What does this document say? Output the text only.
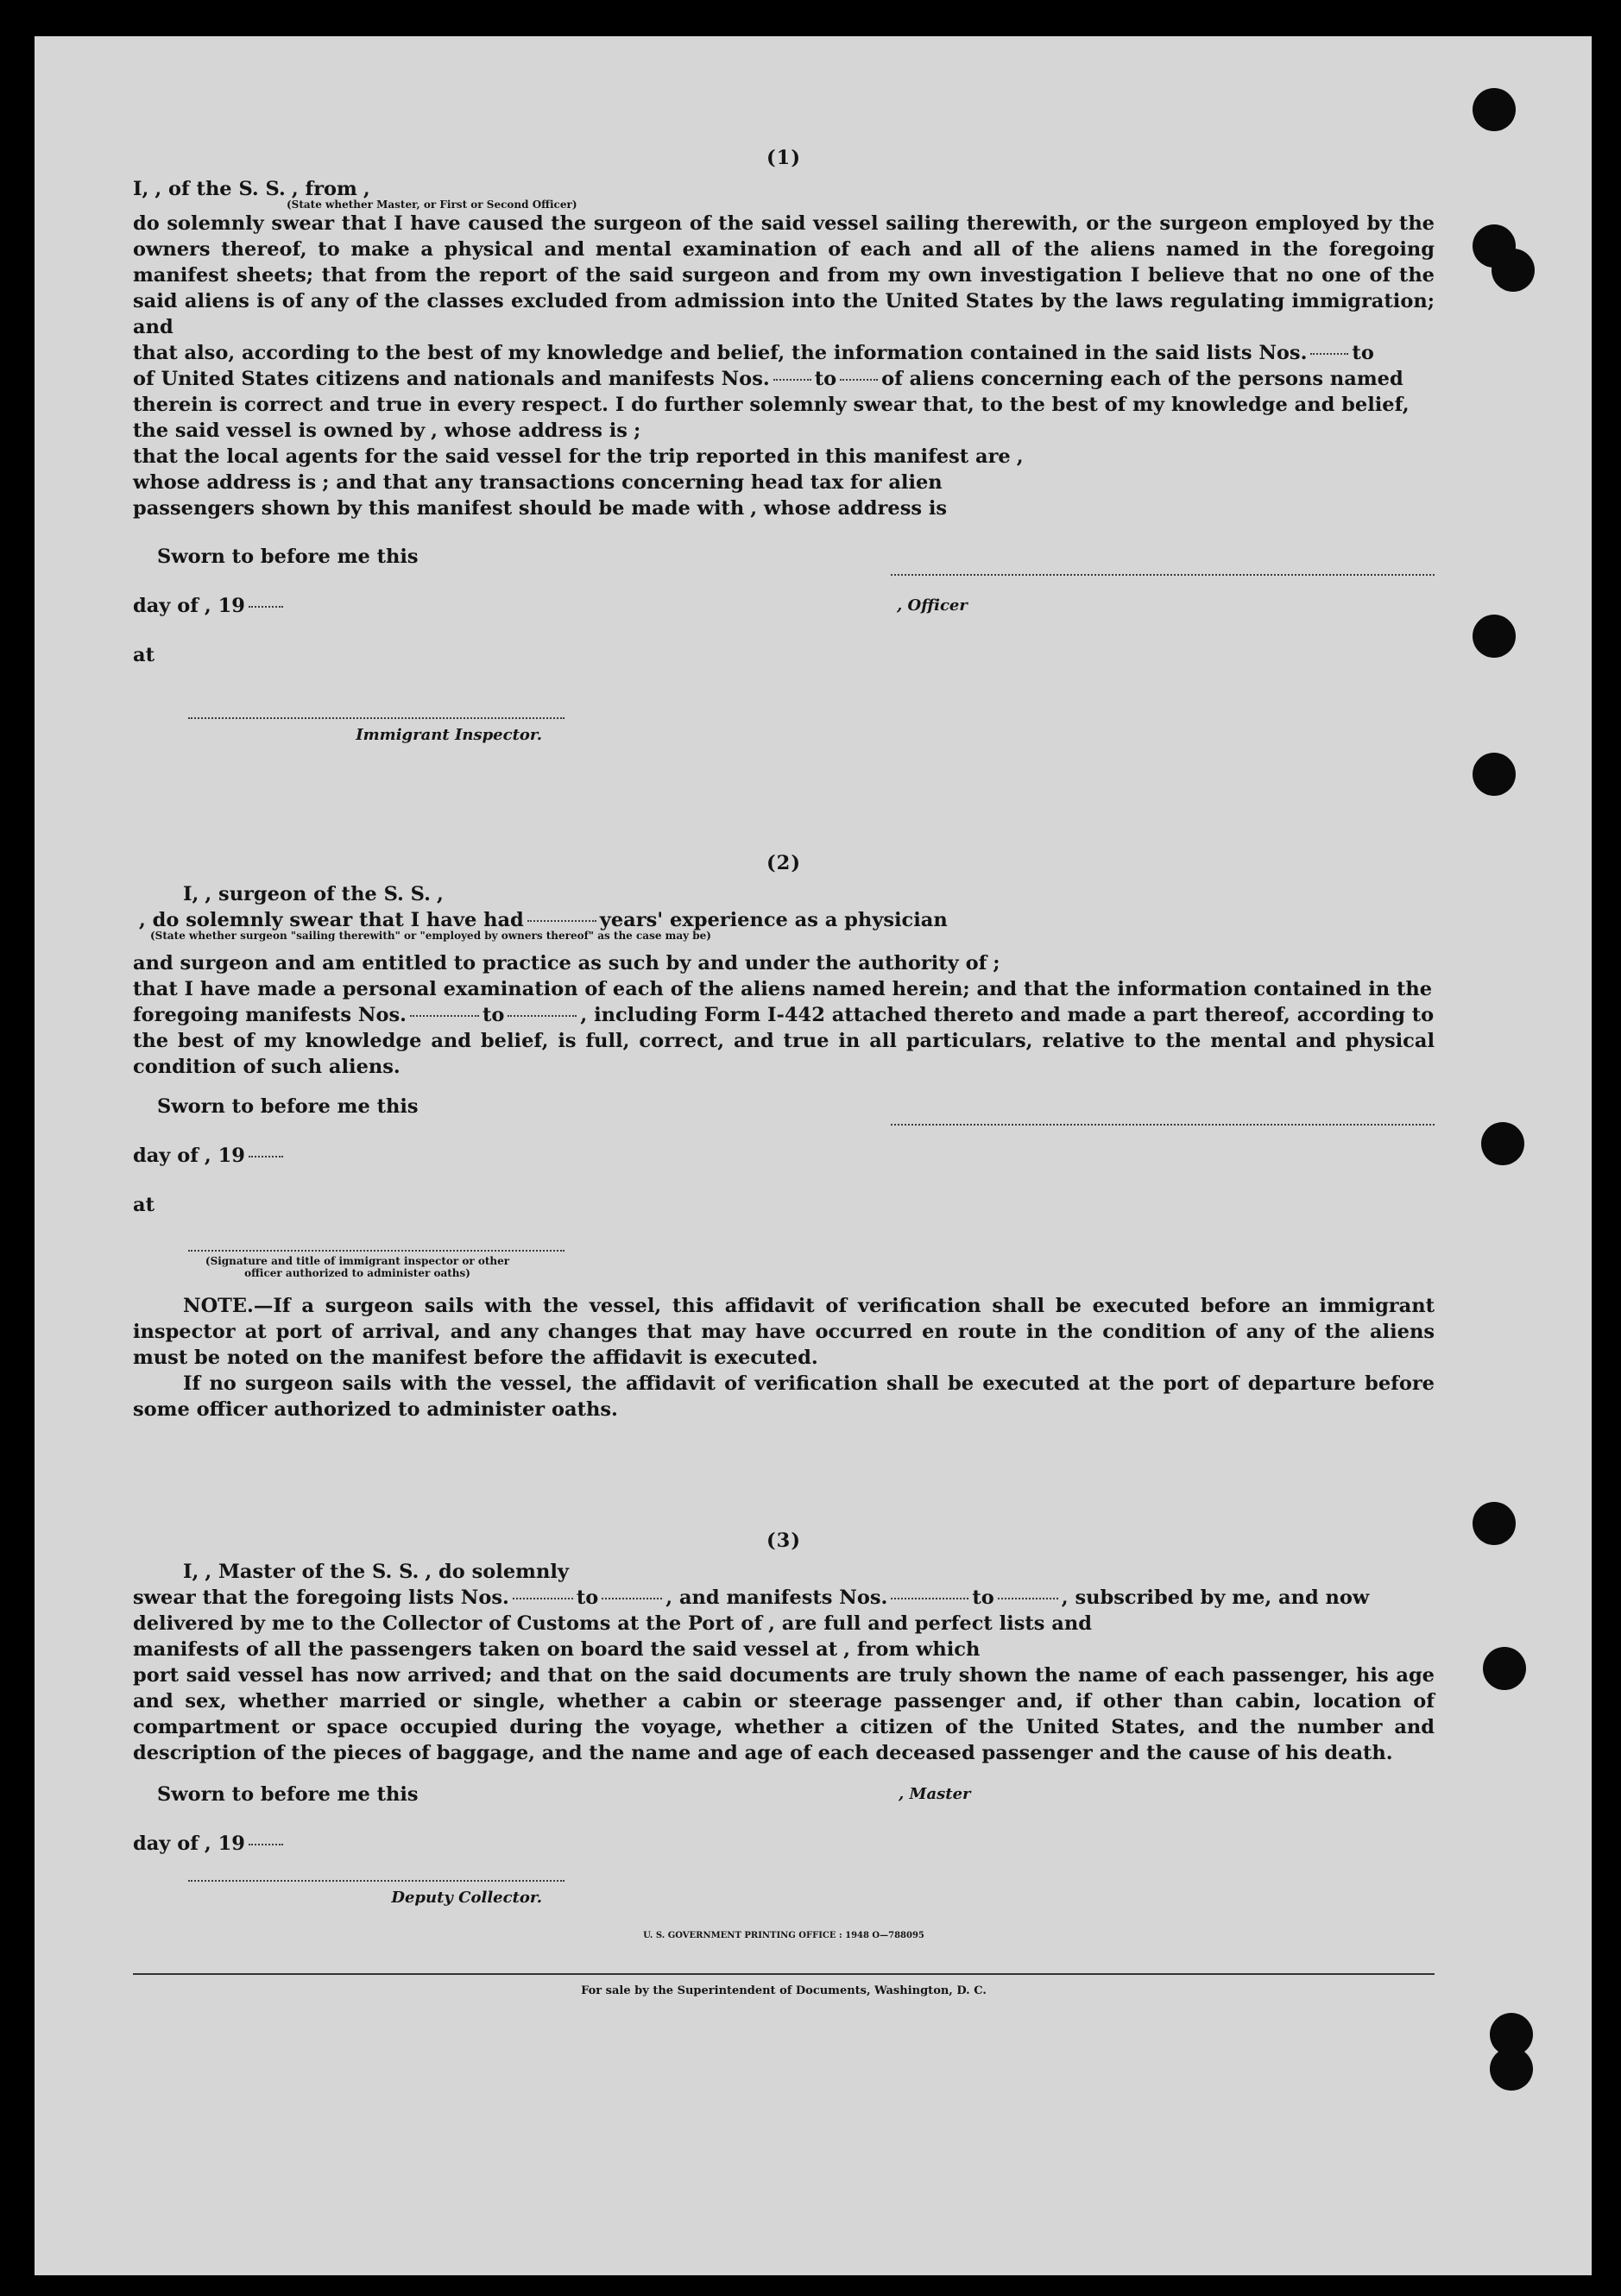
(1)
I, , of the S. S. , from ,
(State whether Master, or First or Second Officer)
do solemnly swear that I have caused the surgeon of the said vessel sailing therewith, or the surgeon employed by the owners thereof, to make a physical and mental examination of each and all of the aliens named in the foregoing manifest sheets; that from the report of the said surgeon and from my own investigation I believe that no one of the said aliens is of any of the classes excluded from admission into the United States by the laws regulating immigration; and
that also, according to the best of my knowledge and belief, the information contained in the said lists Nos. to
of United States citizens and nationals and manifests Nos. to of aliens concerning each of the persons named
therein is correct and true in every respect. I do further solemnly swear that, to the best of my knowledge and belief,
the said vessel is owned by , whose address is ;
that the local agents for the said vessel for the trip reported in this manifest are ,
whose address is ; and that any transactions concerning head tax for alien
passengers shown by this manifest should be made with , whose address is
Sworn to before me this
day of , 19
at
Immigrant Inspector.
, Officer
(2)
I, , surgeon of the S. S. ,
, do solemnly swear that I have had	years' experience as a physician
(State whether surgeon "sailing therewith" or "employed by owners thereof" as the case may be)
and surgeon and am entitled to practice as such by and under the authority of ;
that I have made a personal examination of each of the aliens named herein; and that the information contained in the
foregoing manifests Nos.	to	, including Form I-442 attached thereto and made a part thereof, according to
the best of my knowledge and belief, is full, correct, and true in all particulars, relative to the mental and physical condition of such aliens.
Sworn to before me this
day of , 19
at
(Signature and title of immigrant inspector or other officer authorized to administer oaths)
NOTE.—If a surgeon sails with the vessel, this affidavit of verification shall be executed before an immigrant inspector at port of arrival, and any changes that may have occurred en route in the condition of any of the aliens must be noted on the manifest before the affidavit is executed.
If no surgeon sails with the vessel, the affidavit of verification shall be executed at the port of departure before some officer authorized to administer oaths.
(3)
I, , Master of the S. S. , do solemnly
swear that the foregoing lists Nos.	to	, and manifests Nos.	to	, subscribed by me, and now
delivered by me to the Collector of Customs at the Port of , are full and perfect lists and
manifests of all the passengers taken on board the said vessel at , from which
port said vessel has now arrived; and that on the said documents are truly shown the name of each passenger, his age and sex, whether married or single, whether a cabin or steerage passenger and, if other than cabin, location of compartment or space occupied during the voyage, whether a citizen of the United States, and the number and description of the pieces of baggage, and the name and age of each deceased passenger and the cause of his death.
Sworn to before me this
day of , 19
Deputy Collector.
, Master
U. S. GOVERNMENT PRINTING OFFICE : 1948 O—788095
For sale by the Superintendent of Documents, Washington, D. C.
